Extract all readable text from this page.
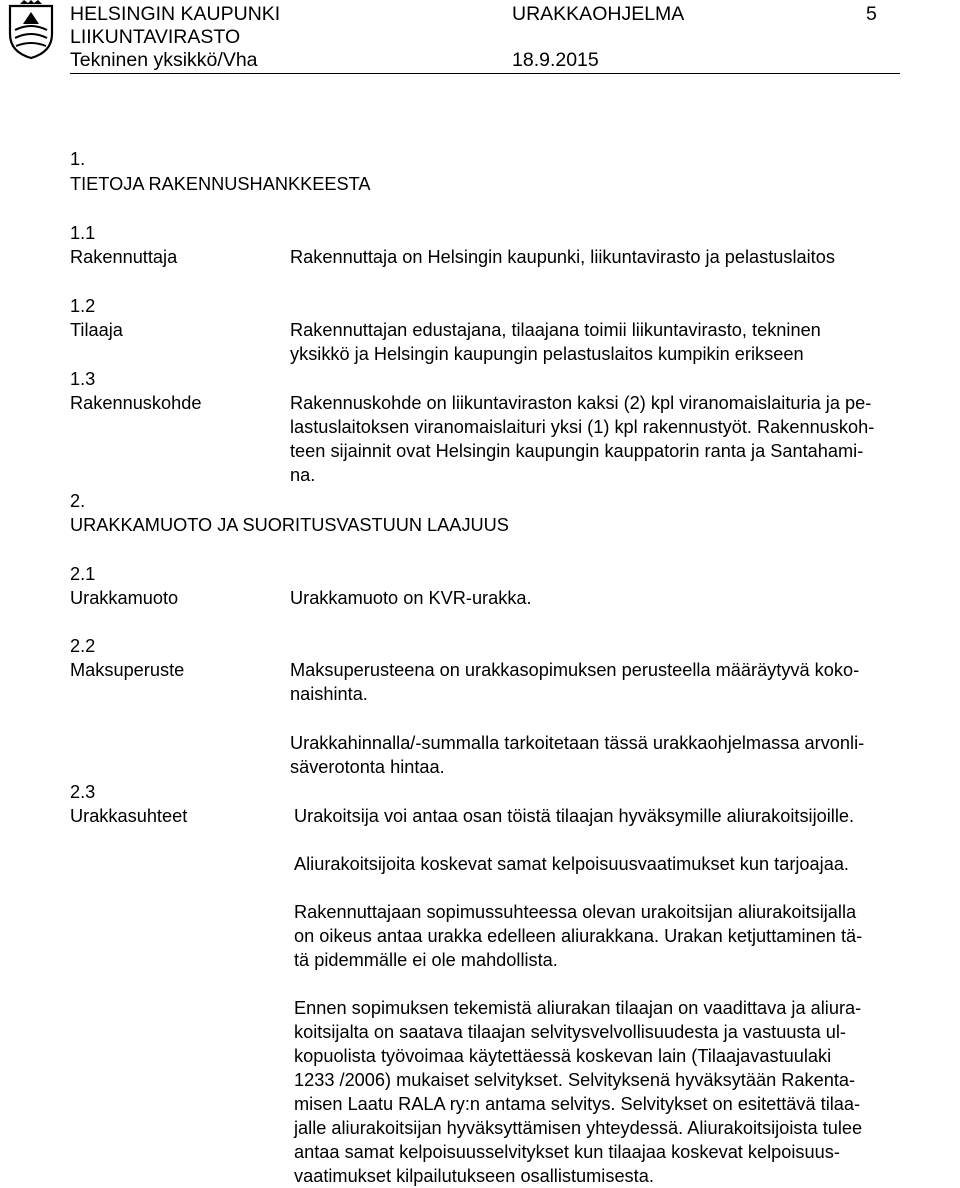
HELSINGIN KAUPUNKI
LIIKUNTAVIRASTO
Tekninen yksikkö/Vha
URAKKAOHJELMA
18.9.2015
5
1.
TIETOJA RAKENNUSHANKKEESTA
1.1
Rakennuttaja	Rakennuttaja on Helsingin kaupunki, liikuntavirasto ja pelastuslaitos
1.2
Tilaaja	Rakennuttajan edustajana, tilaajana toimii liikuntavirasto, tekninen
yksikkö ja Helsingin kaupungin pelastuslaitos kumpikin erikseen
1.3
Rakennuskohde	Rakennuskohde on liikuntaviraston kaksi (2) kpl viranomaislaituria ja pe-
lastuslaitoksen viranomaislaituri yksi (1) kpl rakennustyöt. Rakennuskoh-
teen sijainnit ovat Helsingin kaupungin kauppatorin ranta ja Santahami-
na.
2.
URAKKAMUOTO JA SUORITUSVASTUUN LAAJUUS
2.1
Urakkamuoto	Urakkamuoto on KVR-urakka.
2.2
Maksuperuste	Maksuperusteena on urakkasopimuksen perusteella määräytyvä koko-
naishinta.
Urakkahinnalla/-summalla tarkoitetaan tässä urakkaohjelmassa arvonli-
säverotonta hintaa.
2.3
Urakkasuhteet	Urakoitsija voi antaa osan töistä tilaajan hyväksymille aliurakoitsijoille.
Aliurakoitsijoita koskevat samat kelpoisuusvaatimukset kun tarjoajaa.
Rakennuttajaan sopimussuhteessa olevan urakoitsijan aliurakoitsijalla
on oikeus antaa urakka edelleen aliurakkana. Urakan ketjuttaminen tä-
tä pidemmälle ei ole mahdollista.
Ennen sopimuksen tekemistä aliurakan tilaajan on vaadittava ja aliura-
koitsijalta on saatava tilaajan selvitysvelvollisuudesta ja vastuusta ul-
kopuolista työvoimaa käytettäessä koskevan lain (Tilaajavastuulaki
1233 /2006) mukaiset selvitykset. Selvityksenä hyväksytään Rakenta-
misen Laatu RALA ry:n antama selvitys. Selvitykset on esitettävä tilaa-
jalle aliurakoitsijan hyväksyttämisen yhteydessä. Aliurakoitsijoista tulee
antaa samat kelpoisuusselvitykset kun tilaajaa koskevat kelpoisuus-
vaatimukset kilpailutukseen osallistumisesta.
